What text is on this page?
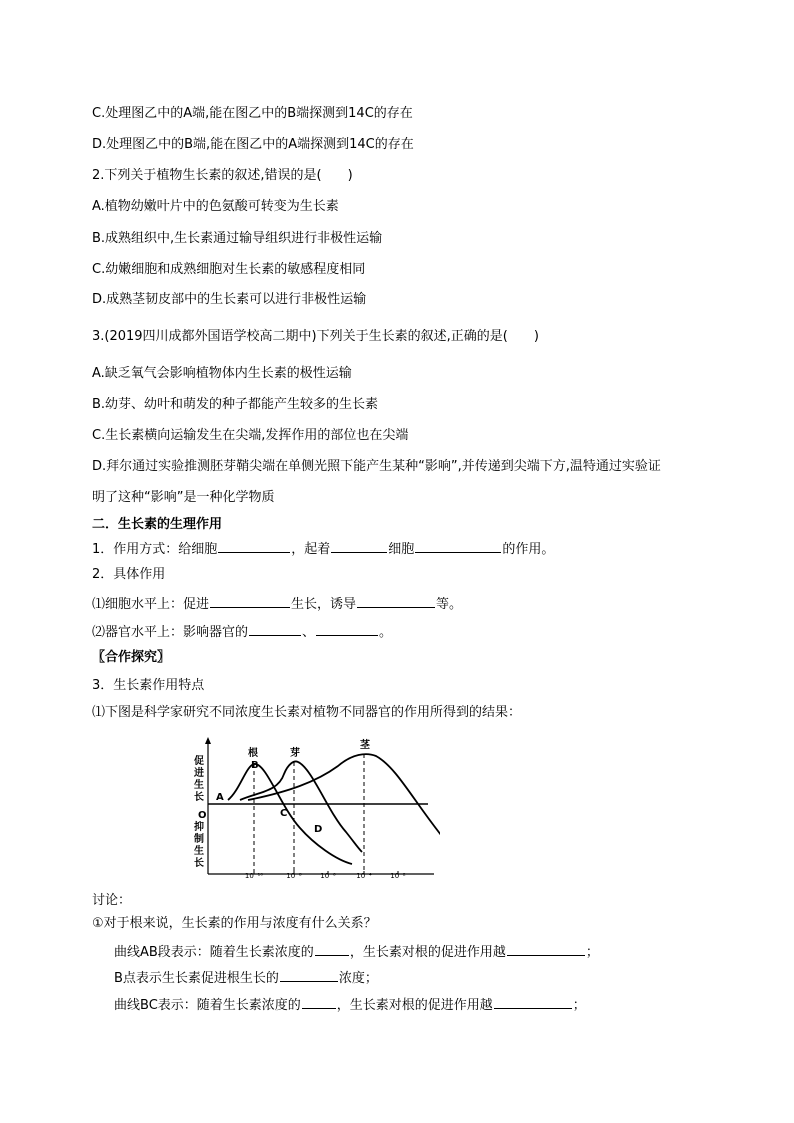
C.处理图乙中的A端,能在图乙中的B端探测到14C的存在
D.处理图乙中的B端,能在图乙中的A端探测到14C的存在
2.下列关于植物生长素的叙述,错误的是(　　)
A.植物幼嫩叶片中的色氨酸可转变为生长素
B.成熟组织中,生长素通过输导组织进行非极性运输
C.幼嫩细胞和成熟细胞对生长素的敏感程度相同
D.成熟茎韧皮部中的生长素可以进行非极性运输
3.(2019四川成都外国语学校高二期中)下列关于生长素的叙述,正确的是(　　)
A.缺乏氧气会影响植物体内生长素的极性运输
B.幼芽、幼叶和萌发的种子都能产生较多的生长素
C.生长素横向运输发生在尖端,发挥作用的部位也在尖端
D.拜尔通过实验推测胚芽鞘尖端在单侧光照下能产生某种“影响”,并传递到尖端下方,温特通过实验证
明了这种“影响”是一种化学物质
二．生长素的生理作用
1．作用方式：给细胞	，起着	细胞	的作用。
2．具体作用
⑴细胞水平上：促进	生长，诱导	等。
⑵器官水平上：影响器官的	、	。
〖合作探究〗
3．生长素作用特点
⑴下图是科学家研究不同浓度生长素对植物不同器官的作用所得到的结果：
促
进
生
长
抑
制
生
长
O
10⁻¹⁰	10⁻⁸	10⁻⁶	10⁻⁴	10⁻²
根	芽
茎
A
B
C
D
讨论：
①对于根来说，生长素的作用与浓度有什么关系？
曲线AB段表示：随着生长素浓度的	，生长素对根的促进作用越	；
B点表示生长素促进根生长的	浓度；
曲线BC表示：随着生长素浓度的	，生长素对根的促进作用越	；
